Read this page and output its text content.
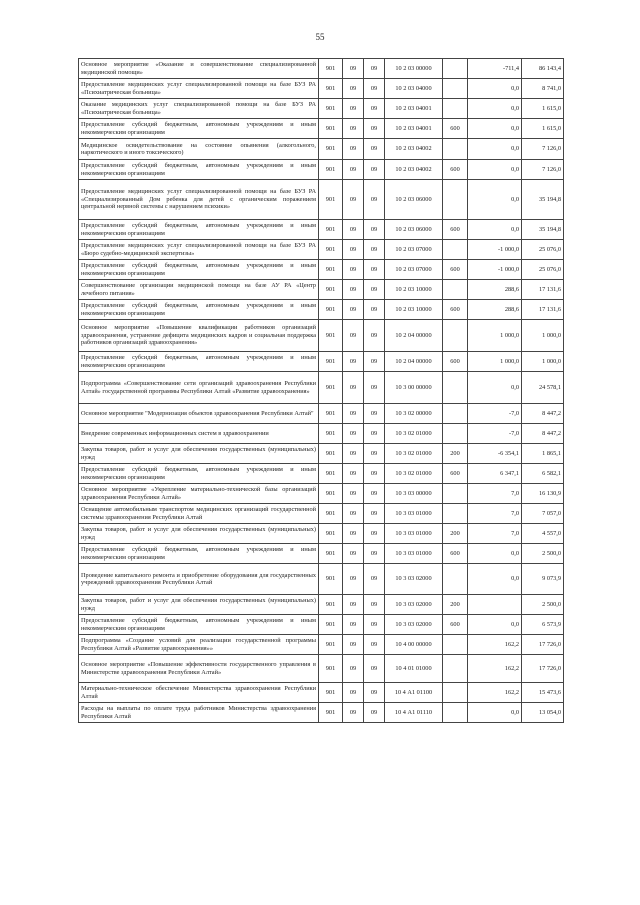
55
Основное мероприятие «Оказание и совершенствование специализированной медицинской помощи»	901	09	09	10 2 03 00000		-711,4	86 143,4
Предоставление медицинских услуг специализированной помощи на базе БУЗ РА «Психиатрическая больница»	901	09	09	10 2 03 04000		0,0	8 741,0
Оказание медицинских услуг специализированной помощи на базе БУЗ РА «Психиатрическая больница»	901	09	09	10 2 03 04001		0,0	1 615,0
Предоставление субсидий бюджетным, автономным учреждениям и иным некоммерческим организациям	901	09	09	10 2 03 04001	600	0,0	1 615,0
Медицинское освидетельствование на состояние опьянения (алкогольного, наркотического и иного токсического)	901	09	09	10 2 03 04002		0,0	7 126,0
Предоставление субсидий бюджетным, автономным учреждениям и иным некоммерческим организациям	901	09	09	10 2 03 04002	600	0,0	7 126,0
Предоставление медицинских услуг специализированной помощи на базе БУЗ РА «Специализированный Дом ребенка для детей с органическим поражением центральной нервной системы с нарушением психики»	901	09	09	10 2 03 06000		0,0	35 194,8
Предоставление субсидий бюджетным, автономным учреждениям и иным некоммерческим организациям	901	09	09	10 2 03 06000	600	0,0	35 194,8
Предоставление медицинских услуг специализированной помощи на базе БУЗ РА «Бюро судебно-медицинской экспертизы»	901	09	09	10 2 03 07000		-1 000,0	25 076,0
Предоставление субсидий бюджетным, автономным учреждениям и иным некоммерческим организациям	901	09	09	10 2 03 07000	600	-1 000,0	25 076,0
Совершенствование организации медицинской помощи на базе АУ РА «Центр лечебного питания»	901	09	09	10 2 03 10000		288,6	17 131,6
Предоставление субсидий бюджетным, автономным учреждениям и иным некоммерческим организациям	901	09	09	10 2 03 10000	600	288,6	17 131,6
Основное мероприятие «Повышение квалификации работников организаций здравоохранения, устранение дефицита медицинских кадров и социальная поддержка работников организаций здравоохранения»	901	09	09	10 2 04 00000		1 000,0	1 000,0
Предоставление субсидий бюджетным, автономным учреждениям и иным некоммерческим организациям	901	09	09	10 2 04 00000	600	1 000,0	1 000,0
Подпрограмма «Совершенствование сети организаций здравоохранения Республики Алтай» государственной программы Республики Алтай «Развитие здравоохранения»	901	09	09	10 3 00 00000		0,0	24 578,1
Основное мероприятие "Модернизация объектов здравоохранения Республики Алтай"	901	09	09	10 3 02 00000		-7,0	8 447,2
Внедрение современных информационных систем в здравоохранении	901	09	09	10 3 02 01000		-7,0	8 447,2
Закупка товаров, работ и услуг для обеспечения государственных (муниципальных) нужд	901	09	09	10 3 02 01000	200	-6 354,1	1 865,1
Предоставление субсидий бюджетным, автономным учреждениям и иным некоммерческим организациям	901	09	09	10 3 02 01000	600	6 347,1	6 582,1
Основное мероприятие «Укрепление материально-технической базы организаций здравоохранения Республики Алтай»	901	09	09	10 3 03 00000		7,0	16 130,9
Оснащение автомобильным транспортом медицинских организаций государственной системы здравоохранения Республики Алтай	901	09	09	10 3 03 01000		7,0	7 057,0
Закупка товаров, работ и услуг для обеспечения государственных (муниципальных) нужд	901	09	09	10 3 03 01000	200	7,0	4 557,0
Предоставление субсидий бюджетным, автономным учреждениям и иным некоммерческим организациям	901	09	09	10 3 03 01000	600	0,0	2 500,0
Проведение капитального ремонта и приобретение оборудования для государственных учреждений здравоохранения Республики Алтай	901	09	09	10 3 03 02000		0,0	9 073,9
Закупка товаров, работ и услуг для обеспечения государственных (муниципальных) нужд	901	09	09	10 3 03 02000	200		2 500,0
Предоставление субсидий бюджетным, автономным учреждениям и иным некоммерческим организациям	901	09	09	10 3 03 02000	600	0,0	6 573,9
Подпрограмма «Создание условий для реализации государственной программы Республики Алтай «Развитие здравоохранения»»	901	09	09	10 4 00 00000		162,2	17 726,0
Основное мероприятие «Повышение эффективности государственного управления в Министерстве здравоохранения Республики Алтай»	901	09	09	10 4 01 01000		162,2	17 726,0
Материально-техническое обеспечение Министерства здравоохранения Республики Алтай	901	09	09	10 4 А1 01100		162,2	15 473,6
Расходы на выплаты по оплате труда работников Министерства здравоохранения Республики Алтай	901	09	09	10 4 А1 01110		0,0	13 054,0
